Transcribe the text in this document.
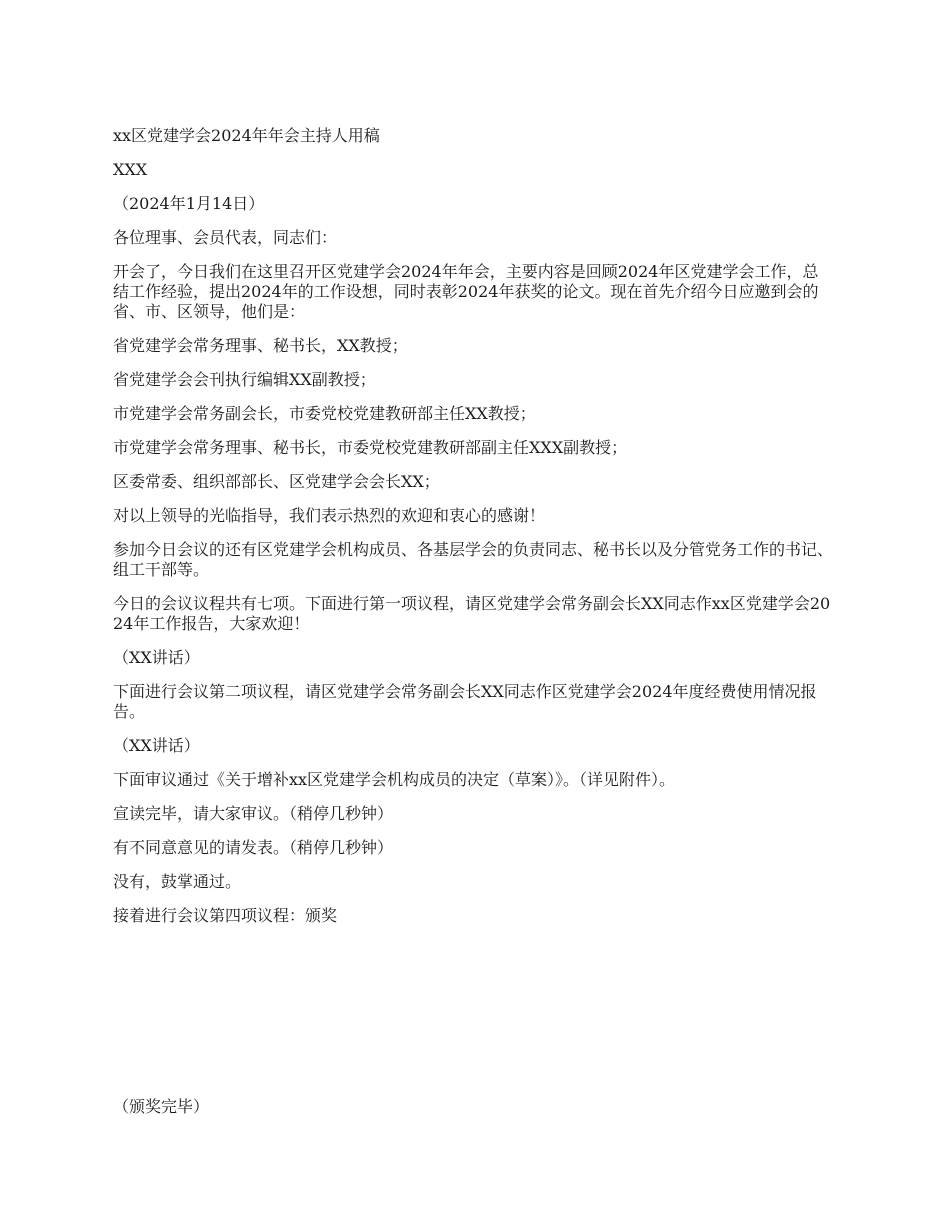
xx区党建学会2024年年会主持人用稿

XXX

（2024年1月14日）

各位理事、会员代表，同志们：

开会了，今日我们在这里召开区党建学会2024年年会，主要内容是回顾2024年区党建学会工作，总结工作经验，提出2024年的工作设想，同时表彰2024年获奖的论文。现在首先介绍今日应邀到会的省、市、区领导，他们是：

省党建学会常务理事、秘书长，XX教授；

省党建学会会刊执行编辑XX副教授；

市党建学会常务副会长，市委党校党建教研部主任XX教授；

市党建学会常务理事、秘书长，市委党校党建教研部副主任XXX副教授；

区委常委、组织部部长、区党建学会会长XX；

对以上领导的光临指导，我们表示热烈的欢迎和衷心的感谢！

参加今日会议的还有区党建学会机构成员、各基层学会的负责同志、秘书长以及分管党务工作的书记、组工干部等。

今日的会议议程共有七项。下面进行第一项议程，请区党建学会常务副会长XX同志作xx区党建学会2024年工作报告，大家欢迎！

（XX讲话）

下面进行会议第二项议程，请区党建学会常务副会长XX同志作区党建学会2024年度经费使用情况报告。

（XX讲话）

下面审议通过《关于增补xx区党建学会机构成员的决定（草案）》。（详见附件）。

宣读完毕，请大家审议。（稍停几秒钟）

有不同意意见的请发表。（稍停几秒钟）

没有，鼓掌通过。

接着进行会议第四项议程：颁奖

（颁奖完毕）
